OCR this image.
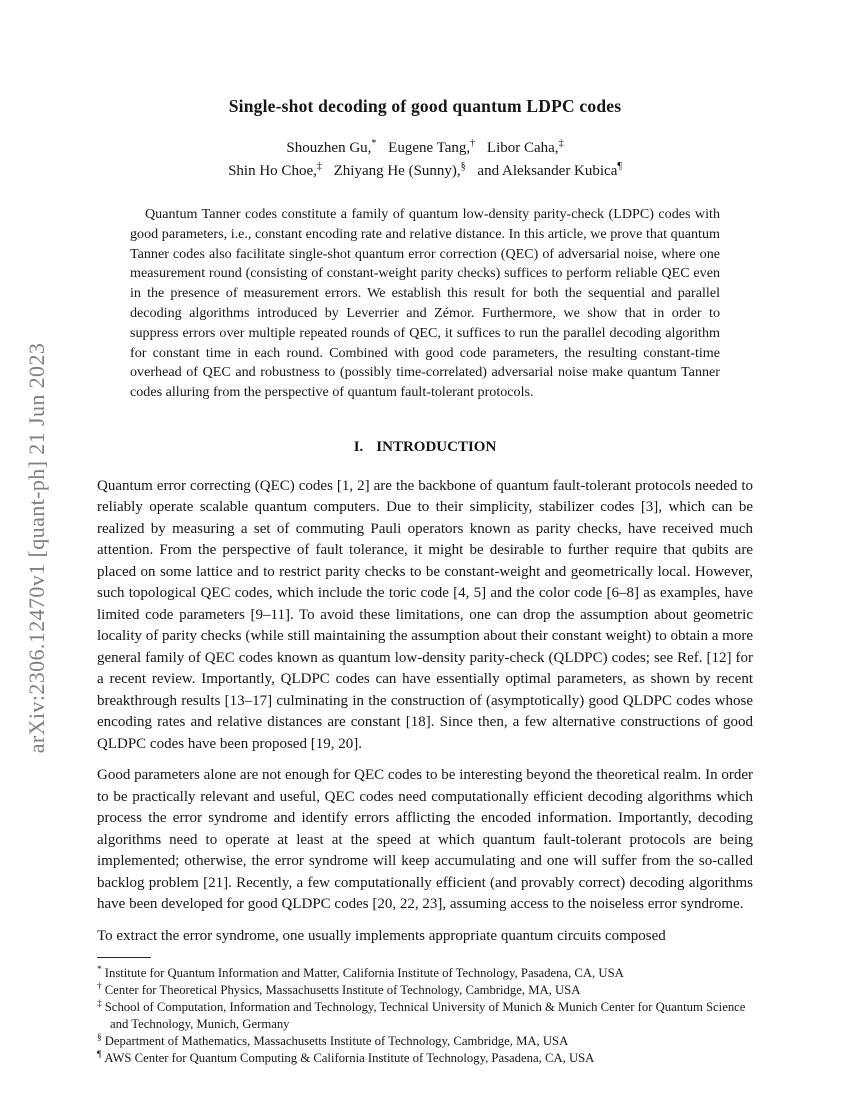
arXiv:2306.12470v1 [quant-ph] 21 Jun 2023
Single-shot decoding of good quantum LDPC codes
Shouzhen Gu,* Eugene Tang,† Libor Caha,‡
Shin Ho Choe,‡ Zhiyang He (Sunny),§ and Aleksander Kubica¶
Quantum Tanner codes constitute a family of quantum low-density parity-check (LDPC) codes with good parameters, i.e., constant encoding rate and relative distance. In this article, we prove that quantum Tanner codes also facilitate single-shot quantum error correction (QEC) of adversarial noise, where one measurement round (consisting of constant-weight parity checks) suffices to perform reliable QEC even in the presence of measurement errors. We establish this result for both the sequential and parallel decoding algorithms introduced by Leverrier and Zémor. Furthermore, we show that in order to suppress errors over multiple repeated rounds of QEC, it suffices to run the parallel decoding algorithm for constant time in each round. Combined with good code parameters, the resulting constant-time overhead of QEC and robustness to (possibly time-correlated) adversarial noise make quantum Tanner codes alluring from the perspective of quantum fault-tolerant protocols.
I. INTRODUCTION

Quantum error correcting (QEC) codes [1, 2] are the backbone of quantum fault-tolerant protocols needed to reliably operate scalable quantum computers. Due to their simplicity, stabilizer codes [3], which can be realized by measuring a set of commuting Pauli operators known as parity checks, have received much attention. From the perspective of fault tolerance, it might be desirable to further require that qubits are placed on some lattice and to restrict parity checks to be constant-weight and geometrically local. However, such topological QEC codes, which include the toric code [4, 5] and the color code [6–8] as examples, have limited code parameters [9–11]. To avoid these limitations, one can drop the assumption about geometric locality of parity checks (while still maintaining the assumption about their constant weight) to obtain a more general family of QEC codes known as quantum low-density parity-check (QLDPC) codes; see Ref. [12] for a recent review. Importantly, QLDPC codes can have essentially optimal parameters, as shown by recent breakthrough results [13–17] culminating in the construction of (asymptotically) good QLDPC codes whose encoding rates and relative distances are constant [18]. Since then, a few alternative constructions of good QLDPC codes have been proposed [19, 20].

Good parameters alone are not enough for QEC codes to be interesting beyond the theoretical realm. In order to be practically relevant and useful, QEC codes need computationally efficient decoding algorithms which process the error syndrome and identify errors afflicting the encoded information. Importantly, decoding algorithms need to operate at least at the speed at which quantum fault-tolerant protocols are being implemented; otherwise, the error syndrome will keep accumulating and one will suffer from the so-called backlog problem [21]. Recently, a few computationally efficient (and provably correct) decoding algorithms have been developed for good QLDPC codes [20, 22, 23], assuming access to the noiseless error syndrome.

To extract the error syndrome, one usually implements appropriate quantum circuits composed

* Institute for Quantum Information and Matter, California Institute of Technology, Pasadena, CA, USA
† Center for Theoretical Physics, Massachusetts Institute of Technology, Cambridge, MA, USA
‡ School of Computation, Information and Technology, Technical University of Munich & Munich Center for Quantum Science and Technology, Munich, Germany
§ Department of Mathematics, Massachusetts Institute of Technology, Cambridge, MA, USA
¶ AWS Center for Quantum Computing & California Institute of Technology, Pasadena, CA, USA
